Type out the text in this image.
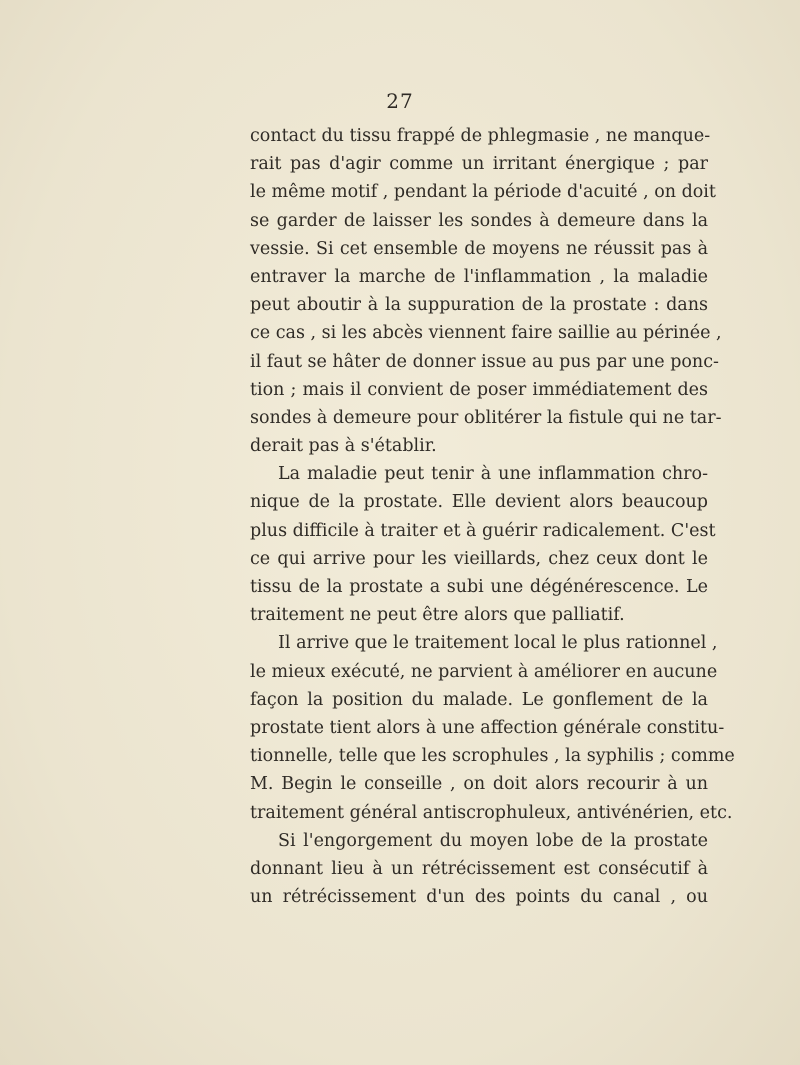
27
contact du tissu frappé de phlegmasie , ne manque-
rait pas d'agir comme un irritant énergique ; par
le même motif , pendant la période d'acuité , on doit
se garder de laisser les sondes à demeure dans la
vessie. Si cet ensemble de moyens ne réussit pas à
entraver la marche de l'inflammation , la maladie
peut aboutir à la suppuration de la prostate : dans
ce cas , si les abcès viennent faire saillie au périnée ,
il faut se hâter de donner issue au pus par une ponc-
tion ; mais il convient de poser immédiatement des
sondes à demeure pour oblitérer la fistule qui ne tar-
derait pas à s'établir.
La maladie peut tenir à une inflammation chro-
nique de la prostate. Elle devient alors beaucoup
plus difficile à traiter et à guérir radicalement. C'est
ce qui arrive pour les vieillards, chez ceux dont le
tissu de la prostate a subi une dégénérescence. Le
traitement ne peut être alors que palliatif.
Il arrive que le traitement local le plus rationnel ,
le mieux exécuté, ne parvient à améliorer en aucune
façon la position du malade. Le gonflement de la
prostate tient alors à une affection générale constitu-
tionnelle, telle que les scrophules , la syphilis ; comme
M. Begin le conseille , on doit alors recourir à un
traitement général antiscrophuleux, antivénérien, etc.
Si l'engorgement du moyen lobe de la prostate
donnant lieu à un rétrécissement est consécutif à
un rétrécissement d'un des points du canal , ou
